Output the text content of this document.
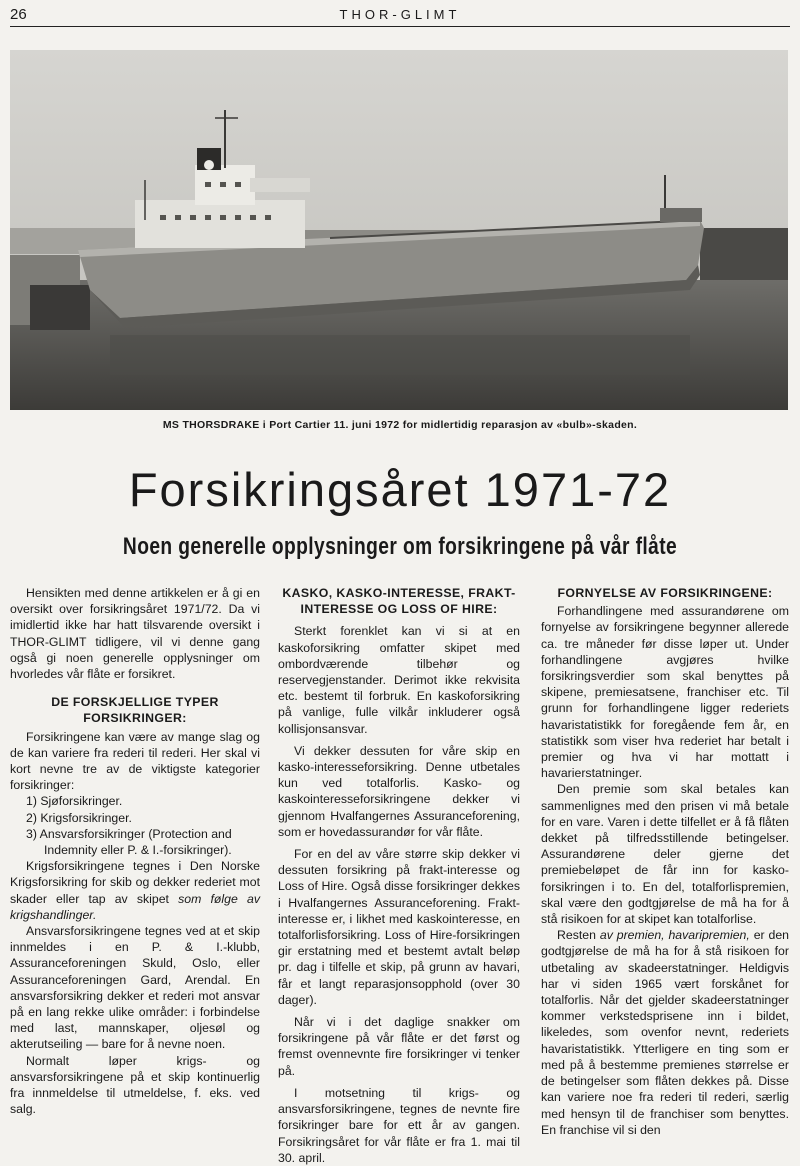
26	THOR-GLIMT
MS THORSDRAKE i Port Cartier 11. juni 1972 for midlertidig reparasjon av «bulb»-skaden.
Forsikringsåret 1971-72
Noen generelle opplysninger om forsikringene på vår flåte

Hensikten med denne artikkelen er å gi en oversikt over forsikringsåret 1971/72. Da vi imidlertid ikke har hatt tilsvarende oversikt i THOR-GLIMT tidligere, vil vi denne gang også gi noen generelle opplysninger om hvorledes vår flåte er forsikret.

DE FORSKJELLIGE TYPER FORSIKRINGER:

Forsikringene kan være av mange slag og de kan variere fra rederi til rederi. Her skal vi kort nevne tre av de viktigste kategorier forsikringer:

1) Sjøforsikringer.

2) Krigsforsikringer.

3) Ansvarsforsikringer (Protection and

Indemnity eller P. & I.-forsikringer).

Krigsforsikringene tegnes i Den Norske Krigsforsikring for skib og dekker rederiet mot skader eller tap av skipet som følge av krigshandlinger.

Ansvarsforsikringene tegnes ved at et skip innmeldes i en P. & I.-klubb, Assuranceforeningen Skuld, Oslo, eller Assuranceforeningen Gard, Arendal. En ansvarsforsikring dekker et rederi mot ansvar på en lang rekke ulike områder: i forbindelse med last, mannskaper, oljesøl og akterutseiling — bare for å nevne noen.

Normalt løper krigs- og ansvarsforsikringene på et skip kontinuerlig fra innmeldelse til utmeldelse, f. eks. ved salg.

KASKO, KASKO-INTERESSE, FRAKT-INTERESSE OG LOSS OF HIRE:

Sterkt forenklet kan vi si at en kaskoforsikring omfatter skipet med ombordværende tilbehør og reservegjenstander. Derimot ikke rekvisita etc. bestemt til forbruk. En kaskoforsikring på vanlige, fulle vilkår inkluderer også kollisjonsansvar.

Vi dekker dessuten for våre skip en kasko-interesseforsikring. Denne utbetales kun ved totalforlis. Kasko- og kaskointeresseforsikringene dekker vi gjennom Hvalfangernes Assuranceforening, som er hovedassurandør for vår flåte.

For en del av våre større skip dekker vi dessuten forsikring på frakt-interesse og Loss of Hire. Også disse forsikringer dekkes i Hvalfangernes Assuranceforening. Frakt-interesse er, i likhet med kaskointeresse, en totalforlisforsikring. Loss of Hire-forsikringen gir erstatning med et bestemt avtalt beløp pr. dag i tilfelle et skip, på grunn av havari, får et langt reparasjonsopphold (over 30 dager).

Når vi i det daglige snakker om forsikringene på vår flåte er det først og fremst ovennevnte fire forsikringer vi tenker på.

I motsetning til krigs- og ansvarsforsikringene, tegnes de nevnte fire forsikringer bare for ett år av gangen. Forsikringsåret for vår flåte er fra 1. mai til 30. april.

FORNYELSE AV FORSIKRINGENE:

Forhandlingene med assurandørene om fornyelse av forsikringene begynner allerede ca. tre måneder før disse løper ut. Under forhandlingene avgjøres hvilke forsikringsverdier som skal benyttes på skipene, premiesatsene, franchiser etc. Til grunn for forhandlingene ligger rederiets havaristatistikk for foregående fem år, en statistikk som viser hva rederiet har betalt i premier og hva vi har mottatt i havarierstatninger.

Den premie som skal betales kan sammenlignes med den prisen vi må betale for en vare. Varen i dette tilfellet er å få flåten dekket på tilfredsstillende betingelser. Assurandørene deler gjerne det premiebeløpet de får inn for kasko-forsikringen i to. En del, totalforlispremien, skal være den godtgjørelse de må ha for å stå risikoen for at skipet kan totalforlise.

Resten av premien, havaripremien, er den godtgjørelse de må ha for å stå risikoen for utbetaling av skadeerstatninger. Heldigvis har vi siden 1965 vært forskånet for totalforlis. Når det gjelder skadeerstatninger kommer verkstedsprisene inn i bildet, likeledes, som ovenfor nevnt, rederiets havaristatistikk. Ytterligere en ting som er med på å bestemme premienes størrelse er de betingelser som flåten dekkes på. Disse kan variere noe fra rederi til rederi, særlig med hensyn til de franchiser som benyttes. En franchise vil si den
